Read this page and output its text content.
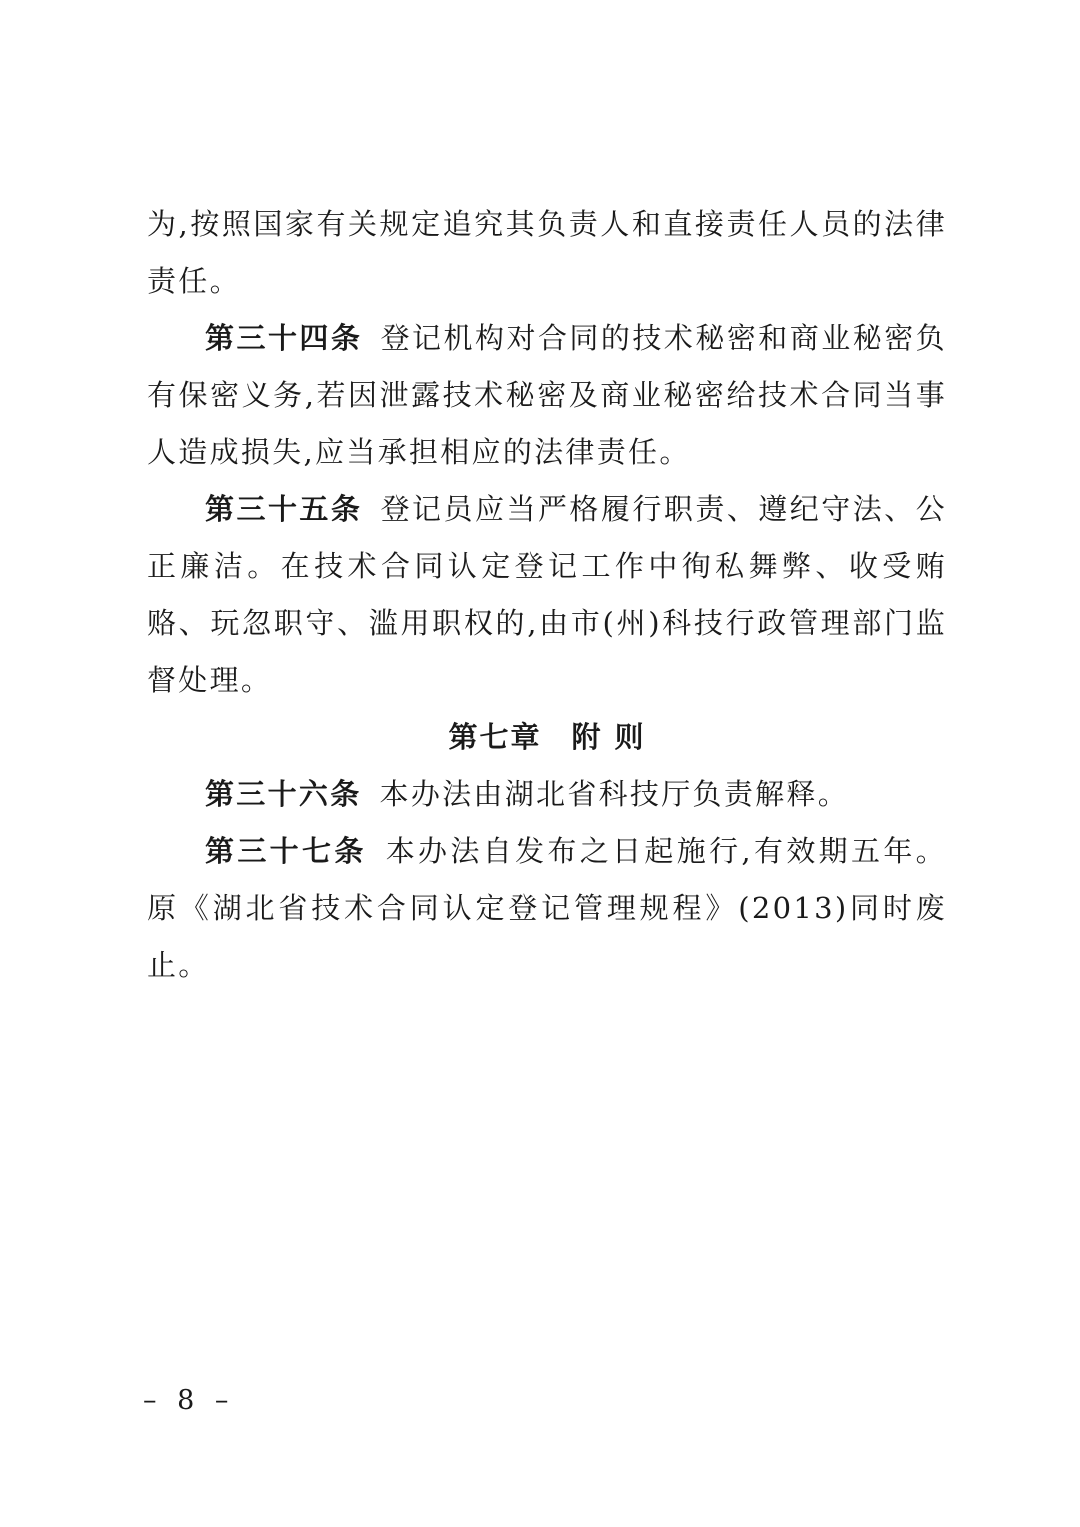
为,按照国家有关规定追究其负责人和直接责任人员的法律责任。

第三十四条 登记机构对合同的技术秘密和商业秘密负有保密义务,若因泄露技术秘密及商业秘密给技术合同当事人造成损失,应当承担相应的法律责任。

第三十五条 登记员应当严格履行职责、遵纪守法、公正廉洁。在技术合同认定登记工作中徇私舞弊、收受贿赂、玩忽职守、滥用职权的,由市(州)科技行政管理部门监督处理。

第七章 附 则

第三十六条 本办法由湖北省科技厅负责解释。

第三十七条 本办法自发布之日起施行,有效期五年。原《湖北省技术合同认定登记管理规程》(2013)同时废止。

– 8 –
